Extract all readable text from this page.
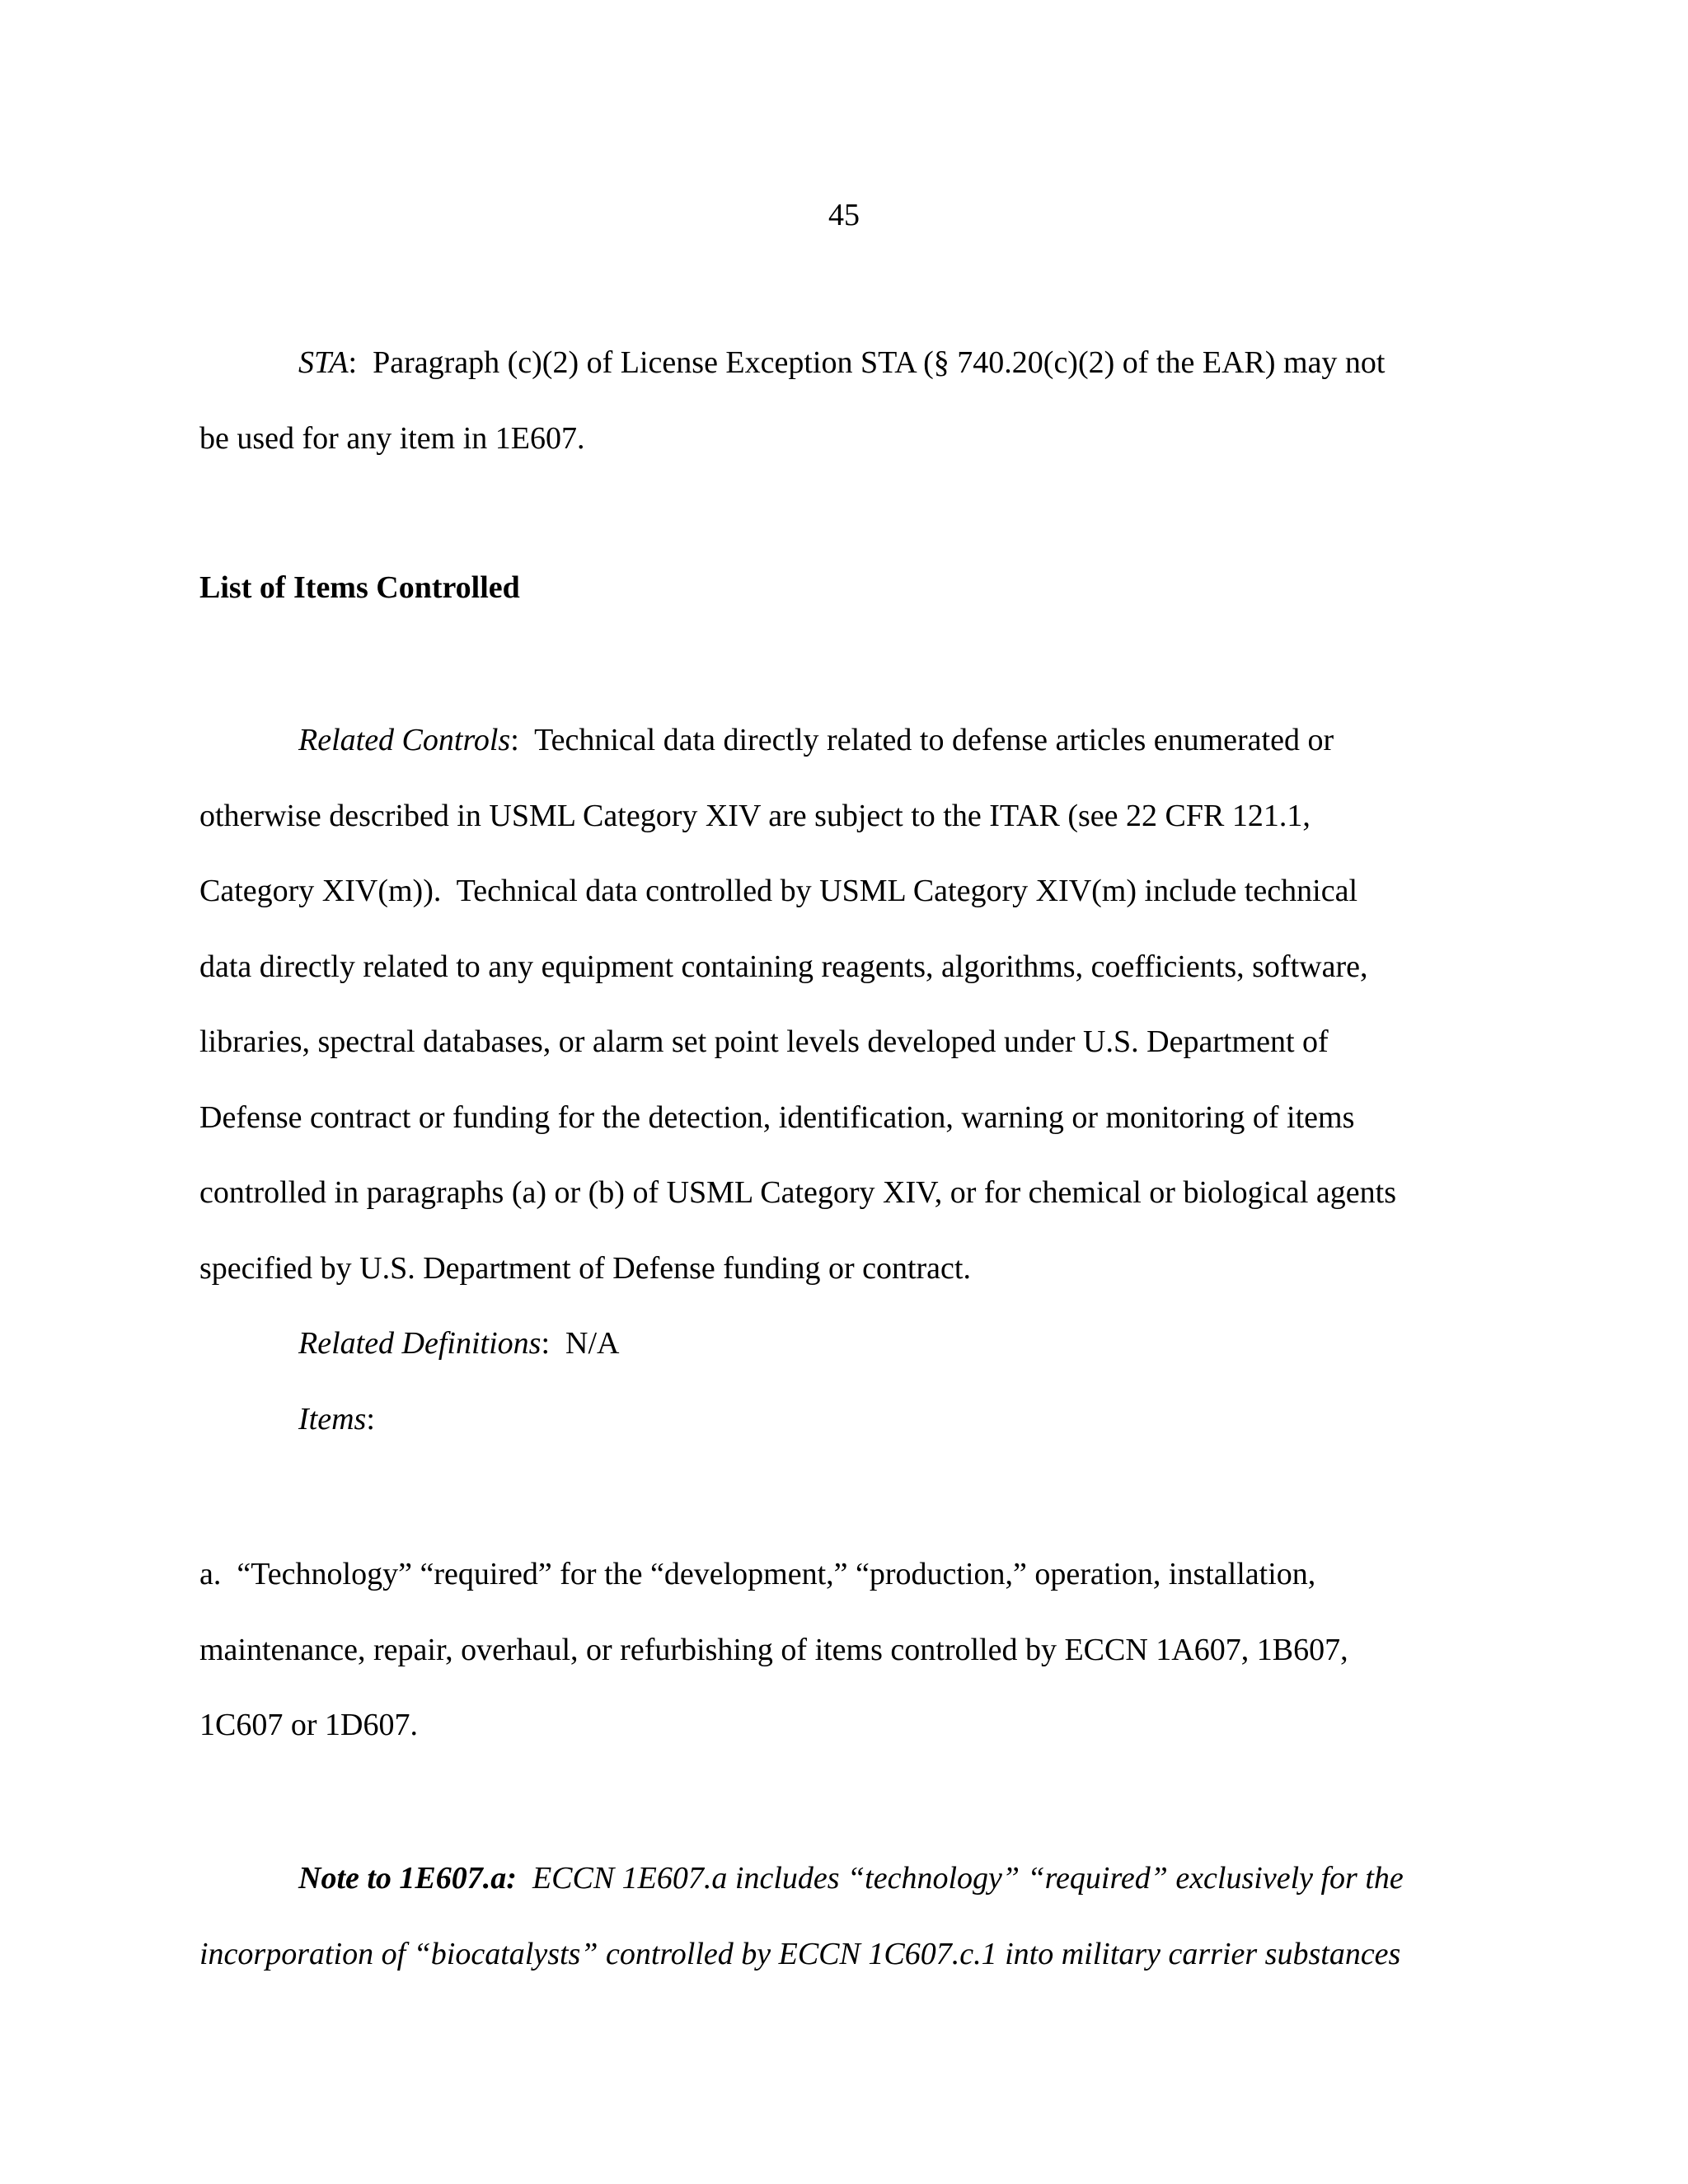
45

STA:  Paragraph (c)(2) of License Exception STA (§ 740.20(c)(2) of the EAR) may not

be used for any item in 1E607.

List of Items Controlled

Related Controls:  Technical data directly related to defense articles enumerated or

otherwise described in USML Category XIV are subject to the ITAR (see 22 CFR 121.1,

Category XIV(m)).  Technical data controlled by USML Category XIV(m) include technical

data directly related to any equipment containing reagents, algorithms, coefficients, software,

libraries, spectral databases, or alarm set point levels developed under U.S. Department of

Defense contract or funding for the detection, identification, warning or monitoring of items

controlled in paragraphs (a) or (b) of USML Category XIV, or for chemical or biological agents

specified by U.S. Department of Defense funding or contract.

Related Definitions:  N/A

Items:

a.  “Technology” “required” for the “development,” “production,” operation, installation,

maintenance, repair, overhaul, or refurbishing of items controlled by ECCN 1A607, 1B607,

1C607 or 1D607.

Note to 1E607.a: ECCN 1E607.a includes “technology” “required” exclusively for the

incorporation of “biocatalysts” controlled by ECCN 1C607.c.1 into military carrier substances
